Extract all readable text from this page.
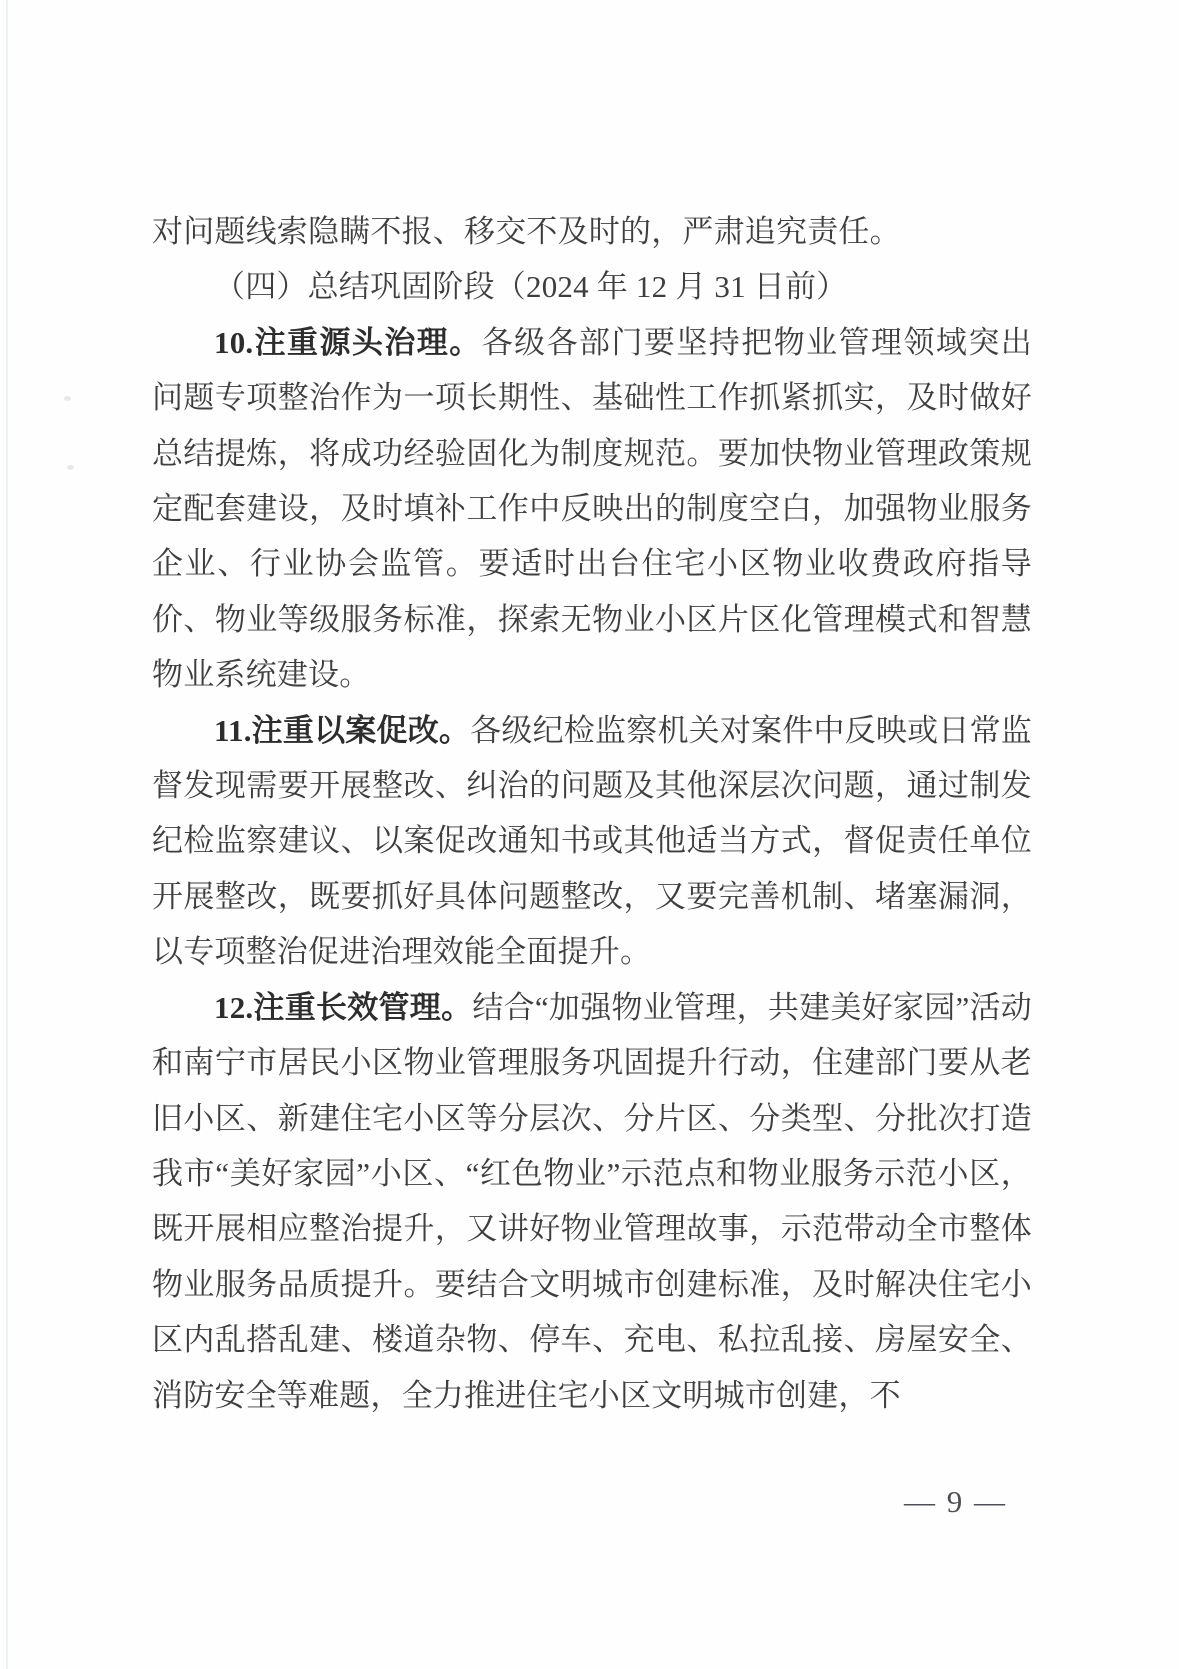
对问题线索隐瞒不报、移交不及时的，严肃追究责任。

（四）总结巩固阶段（2024 年 12 月 31 日前）

10.注重源头治理。各级各部门要坚持把物业管理领域突出问题专项整治作为一项长期性、基础性工作抓紧抓实，及时做好总结提炼，将成功经验固化为制度规范。要加快物业管理政策规定配套建设，及时填补工作中反映出的制度空白，加强物业服务企业、行业协会监管。要适时出台住宅小区物业收费政府指导价、物业等级服务标准，探索无物业小区片区化管理模式和智慧物业系统建设。

11.注重以案促改。各级纪检监察机关对案件中反映或日常监督发现需要开展整改、纠治的问题及其他深层次问题，通过制发纪检监察建议、以案促改通知书或其他适当方式，督促责任单位开展整改，既要抓好具体问题整改，又要完善机制、堵塞漏洞，以专项整治促进治理效能全面提升。

12.注重长效管理。结合“加强物业管理，共建美好家园”活动和南宁市居民小区物业管理服务巩固提升行动，住建部门要从老旧小区、新建住宅小区等分层次、分片区、分类型、分批次打造我市“美好家园”小区、“红色物业”示范点和物业服务示范小区，既开展相应整治提升，又讲好物业管理故事，示范带动全市整体物业服务品质提升。要结合文明城市创建标准，及时解决住宅小区内乱搭乱建、楼道杂物、停车、充电、私拉乱接、房屋安全、消防安全等难题，全力推进住宅小区文明城市创建，不

— 9 —
